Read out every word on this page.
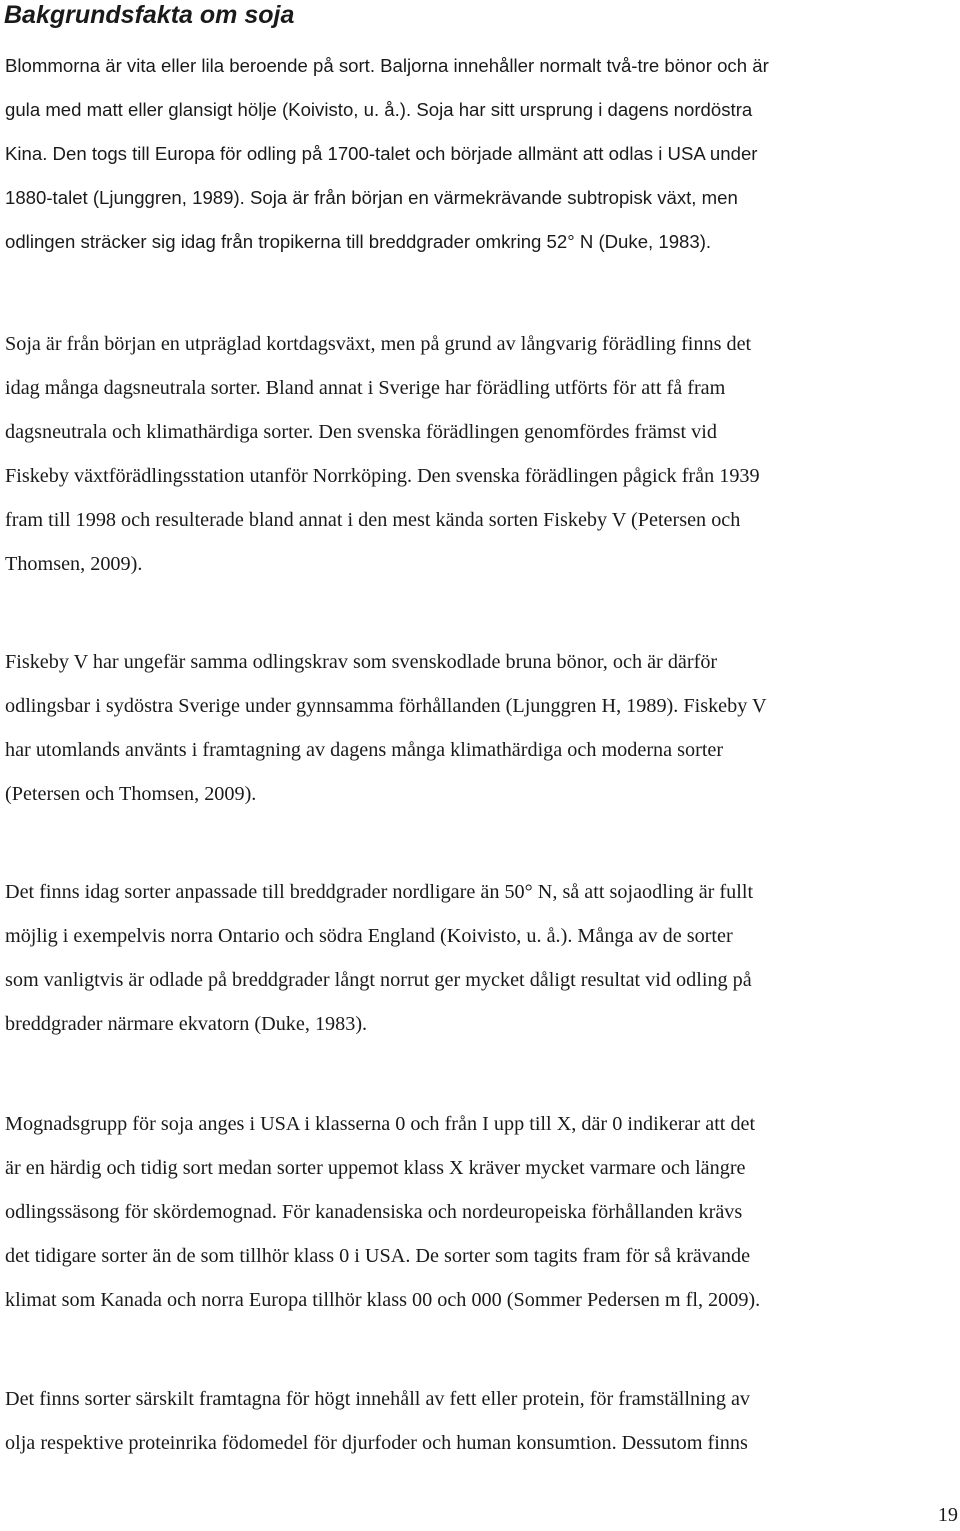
Bakgrundsfakta om soja
Blommorna är vita eller lila beroende på sort. Baljorna innehåller normalt två-tre bönor och är
gula med matt eller glansigt hölje (Koivisto, u. å.). Soja har sitt ursprung i dagens nordöstra
Kina. Den togs till Europa för odling på 1700-talet och började allmänt att odlas i USA under
1880-talet (Ljunggren, 1989). Soja är från början en värmekrävande subtropisk växt, men
odlingen sträcker sig idag från tropikerna till breddgrader omkring 52° N (Duke, 1983).
Soja är från början en utpräglad kortdagsväxt, men på grund av långvarig förädling finns det
idag många dagsneutrala sorter. Bland annat i Sverige har förädling utförts för att få fram
dagsneutrala och klimathärdiga sorter. Den svenska förädlingen genomfördes främst vid
Fiskeby växtförädlingsstation utanför Norrköping. Den svenska förädlingen pågick från 1939
fram till 1998 och resulterade bland annat i den mest kända sorten Fiskeby V (Petersen och
Thomsen, 2009).
Fiskeby V har ungefär samma odlingskrav som svenskodlade bruna bönor, och är därför
odlingsbar i sydöstra Sverige under gynnsamma förhållanden (Ljunggren H, 1989). Fiskeby V
har utomlands använts i framtagning av dagens många klimathärdiga och moderna sorter
(Petersen och Thomsen, 2009).
Det finns idag sorter anpassade till breddgrader nordligare än 50° N, så att sojaodling är fullt
möjlig i exempelvis norra Ontario och södra England (Koivisto, u. å.). Många av de sorter
som vanligtvis är odlade på breddgrader långt norrut ger mycket dåligt resultat vid odling på
breddgrader närmare ekvatorn (Duke, 1983).
Mognadsgrupp för soja anges i USA i klasserna 0 och från I upp till X, där 0 indikerar att det
är en härdig och tidig sort medan sorter uppemot klass X kräver mycket varmare och längre
odlingssäsong för skördemognad. För kanadensiska och nordeuropeiska förhållanden krävs
det tidigare sorter än de som tillhör klass 0 i USA. De sorter som tagits fram för så krävande
klimat som Kanada och norra Europa tillhör klass 00 och 000 (Sommer Pedersen m fl, 2009).
Det finns sorter särskilt framtagna för högt innehåll av fett eller protein, för framställning av
olja respektive proteinrika födomedel för djurfoder och human konsumtion. Dessutom finns
19
